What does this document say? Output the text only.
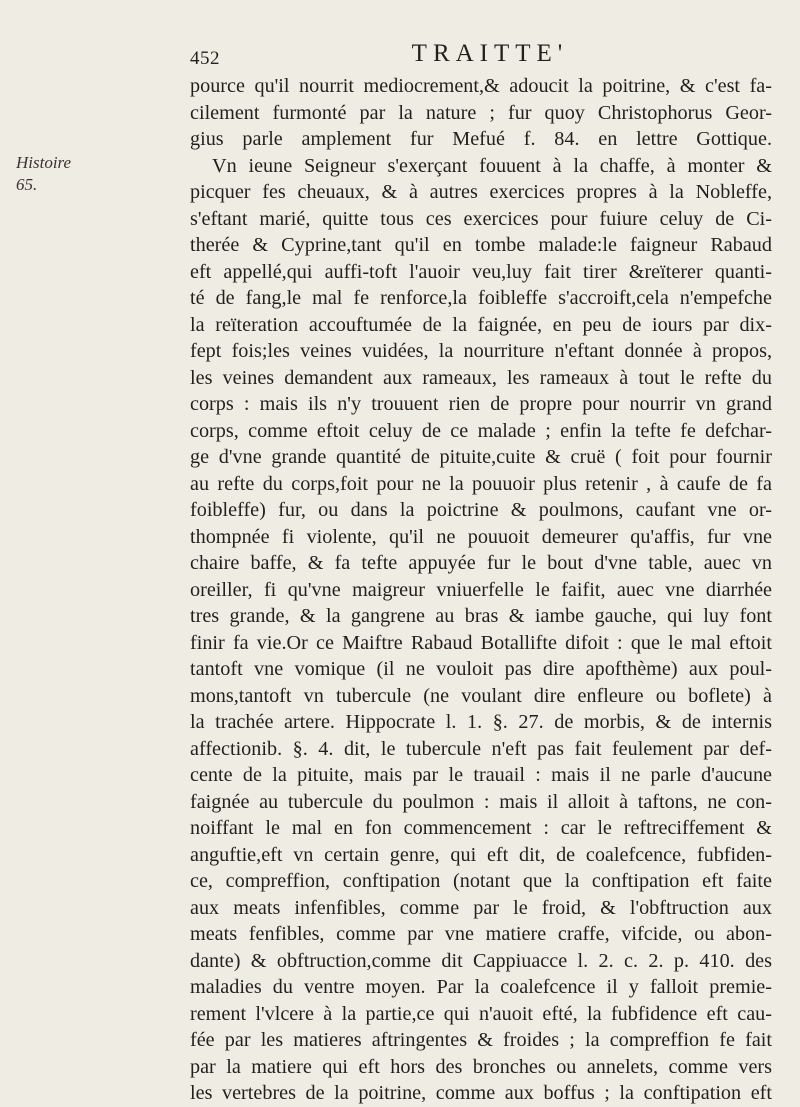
452	TRAITTE'
Histoire
65.
pource qu'il nourrit mediocrement,& adoucit la poitrine, & c'est fa-
cilement furmonté par la nature ; fur quoy Christophorus Geor-
gius parle amplement fur Mefué f. 84. en lettre Gottique.
Vn ieune Seigneur s'exerçant fouuent à la chaffe, à monter &
picquer fes cheuaux, & à autres exercices propres à la Nobleffe,
s'eftant marié, quitte tous ces exercices pour fuiure celuy de Ci-
therée & Cyprine,tant qu'il en tombe malade:le faigneur Rabaud
eft appellé,qui auffi-toft l'auoir veu,luy fait tirer &reïterer quanti-
té de fang,le mal fe renforce,la foibleffe s'accroift,cela n'empefche
la reïteration accouftumée de la faignée, en peu de iours par dix-
fept fois;les veines vuidées, la nourriture n'eftant donnée à propos,
les veines demandent aux rameaux, les rameaux à tout le refte du
corps : mais ils n'y trouuent rien de propre pour nourrir vn grand
corps, comme eftoit celuy de ce malade ; enfin la tefte fe defchar-
ge d'vne grande quantité de pituite,cuite & cruë ( foit pour fournir
au refte du corps,foit pour ne la pouuoir plus retenir , à caufe de fa
foibleffe) fur, ou dans la poictrine & poulmons, caufant vne or-
thompnée fi violente, qu'il ne pouuoit demeurer qu'affis, fur vne
chaire baffe, & fa tefte appuyée fur le bout d'vne table, auec vn
oreiller, fi qu'vne maigreur vniuerfelle le faifit, auec vne diarrhée
tres grande, & la gangrene au bras & iambe gauche, qui luy font
finir fa vie.Or ce Maiftre Rabaud Botallifte difoit : que le mal eftoit
tantoft vne vomique (il ne vouloit pas dire apofthème) aux poul-
mons,tantoft vn tubercule (ne voulant dire enfleure ou boflete) à
la trachée artere. Hippocrate l. 1. §. 27. de morbis, & de internis
affectionib. §. 4. dit, le tubercule n'eft pas fait feulement par def-
cente de la pituite, mais par le trauail : mais il ne parle d'aucune
faignée au tubercule du poulmon : mais il alloit à taftons, ne con-
noiffant le mal en fon commencement : car le reftreciffement &
anguftie,eft vn certain genre, qui eft dit, de coalefcence, fubfiden-
ce, compreffion, conftipation (notant que la conftipation eft faite
aux meats infenfibles, comme par le froid, & l'obftruction aux
meats fenfibles, comme par vne matiere craffe, vifcide, ou abon-
dante) & obftruction,comme dit Cappiuacce l. 2. c. 2. p. 410. des
maladies du ventre moyen. Par la coalefcence il y falloit premie-
rement l'vlcere à la partie,ce qui n'auoit efté, la fubfidence eft cau-
fée par les matieres aftringentes & froides ; la compreffion fe fait
par la matiere qui eft hors des bronches ou annelets, comme vers
les vertebres de la poitrine, comme aux boffus ; la conftipation eft
